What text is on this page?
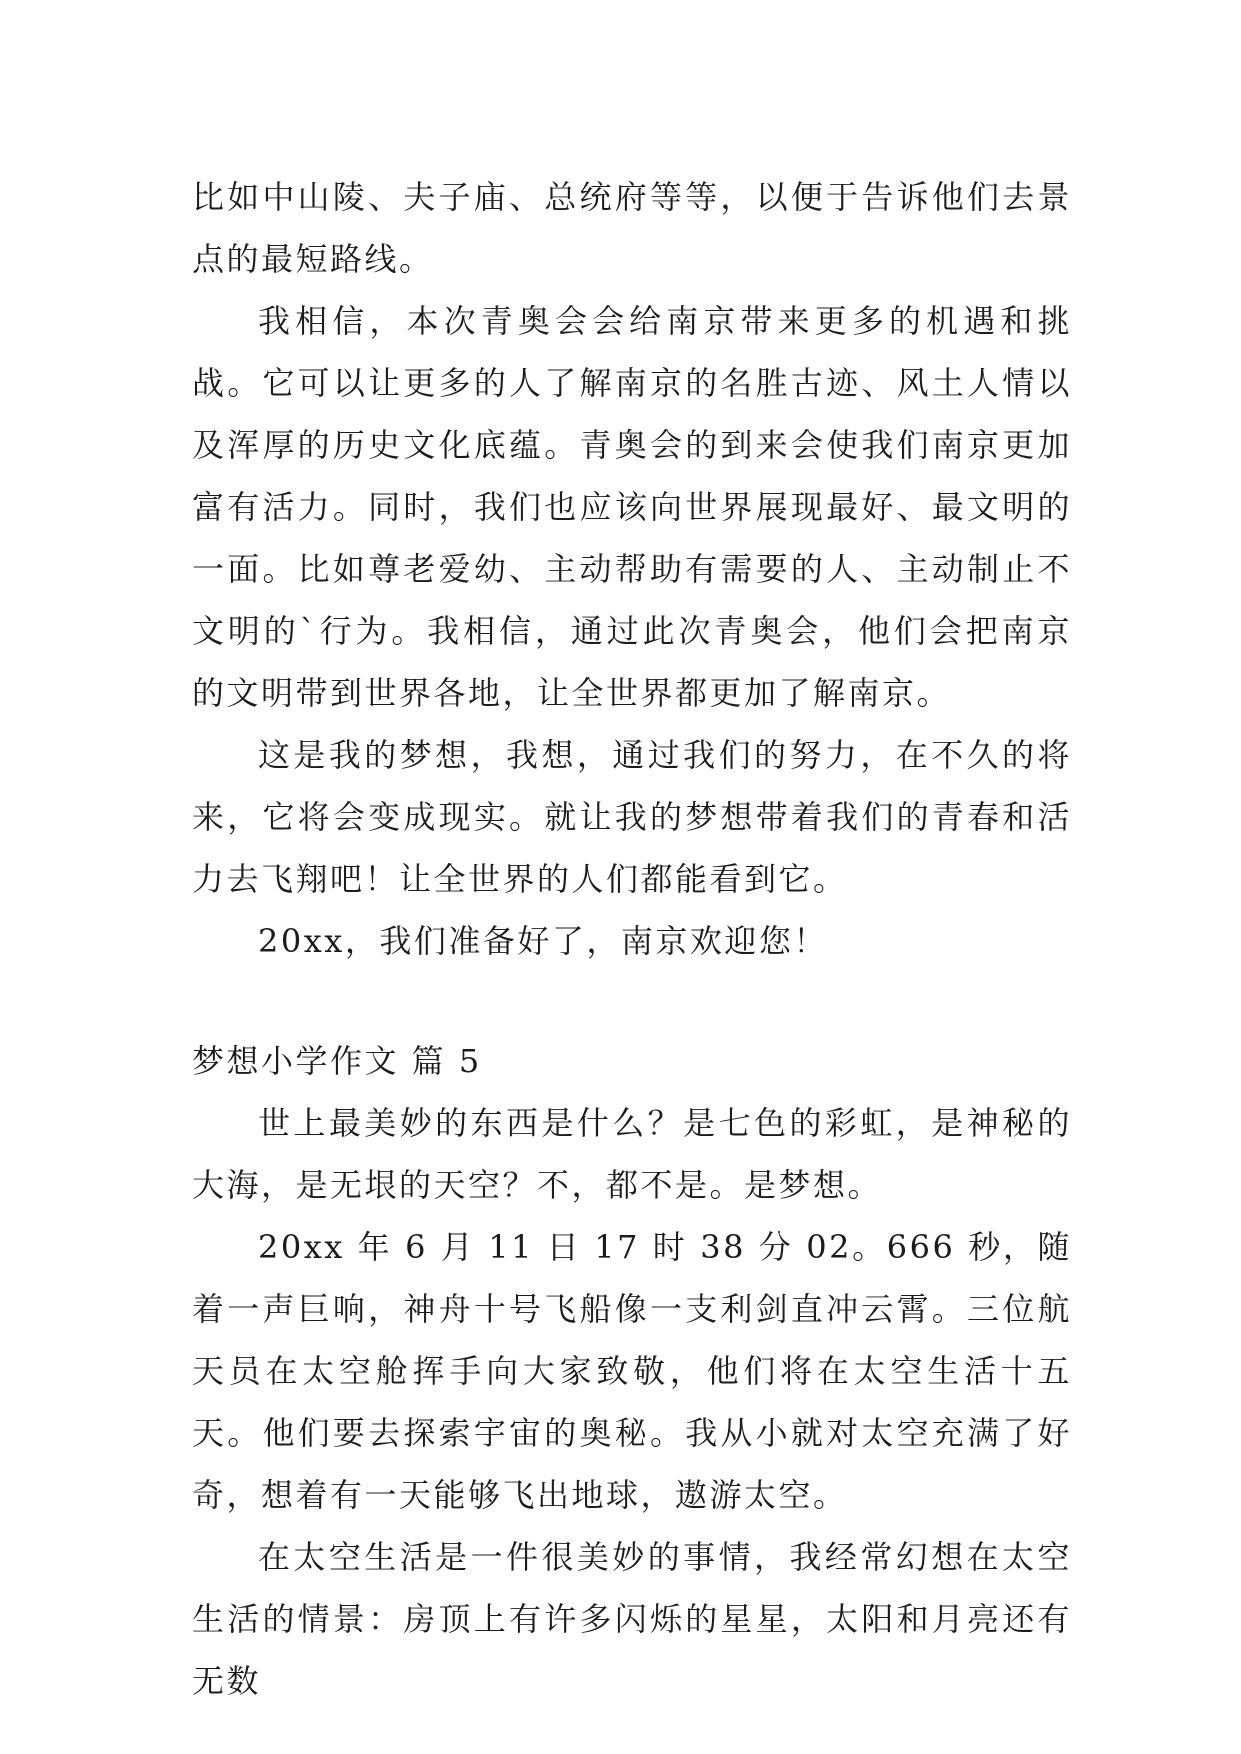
比如中山陵、夫子庙、总统府等等，以便于告诉他们去景点的最短路线。

我相信，本次青奥会会给南京带来更多的机遇和挑战。它可以让更多的人了解南京的名胜古迹、风土人情以及浑厚的历史文化底蕴。青奥会的到来会使我们南京更加富有活力。同时，我们也应该向世界展现最好、最文明的一面。比如尊老爱幼、主动帮助有需要的人、主动制止不文明的`行为。我相信，通过此次青奥会，他们会把南京的文明带到世界各地，让全世界都更加了解南京。

这是我的梦想，我想，通过我们的努力，在不久的将来，它将会变成现实。就让我的梦想带着我们的青春和活力去飞翔吧！让全世界的人们都能看到它。

20xx，我们准备好了，南京欢迎您！

梦想小学作文 篇 5

世上最美妙的东西是什么？是七色的彩虹，是神秘的大海，是无垠的天空？不，都不是。是梦想。

20xx 年 6 月 11 日 17 时 38 分 02。666 秒，随着一声巨响，神舟十号飞船像一支利剑直冲云霄。三位航天员在太空舱挥手向大家致敬，他们将在太空生活十五天。他们要去探索宇宙的奥秘。我从小就对太空充满了好奇，想着有一天能够飞出地球，遨游太空。

在太空生活是一件很美妙的事情，我经常幻想在太空生活的情景：房顶上有许多闪烁的星星，太阳和月亮还有无数
